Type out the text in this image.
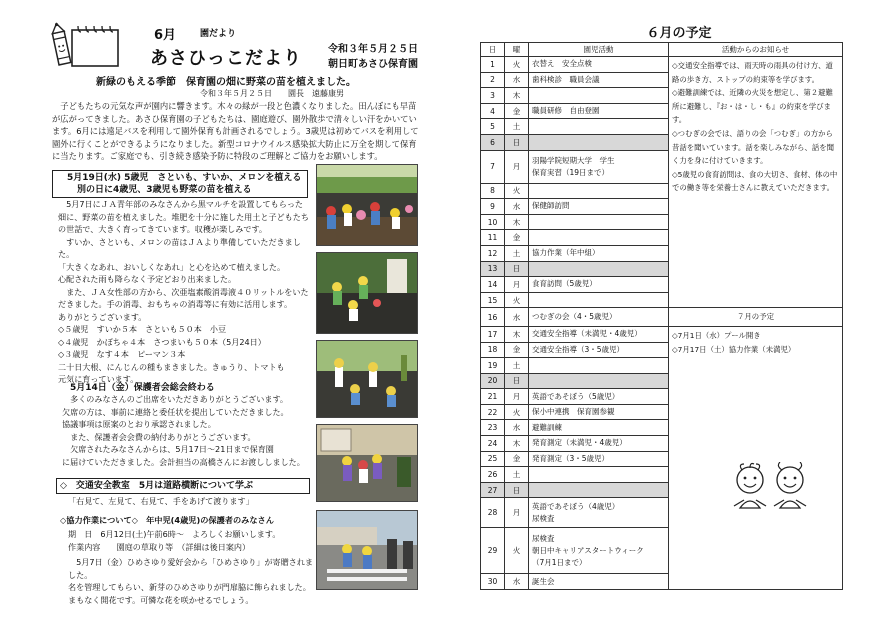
6月	園だより
あさひっこだより	令和３年５月２５日
朝日町あさひ保育園
新緑のもえる季節　保育園の畑に野菜の苗を植えました。
令和３年５月２５日　　園長　遠藤康男
　子どもたちの元気な声が園内に響きます。木々の緑が一段と色濃くなりました。田んぼにも早苗が広がってきました。あさひ保育園の子どもたちは、園庭遊び、園外散歩で清々しい汗をかいています。6月には遠足バスを利用して園外保育も計画されるでしょう。3歳児は初めてバスを利用して園外に行くことができるようになりました。新型コロナウイルス感染拡大防止に万全を期して保育に当たります。ご家庭でも、引き続き感染予防に特段のご理解とご協力をお願いします。
5月19日(水) 5歳児　さといも、すいか、メロンを植える
別の日に4歳児、3歳児も野菜の苗を植える
　5月7日にＪＡ青年部のみなさんから黒マルチを設置してもらった
畑に、野菜の苗を植えました。堆肥を十分に施した用土と子どもたち
の世話で、大きく育ってきています。収穫が楽しみです。
　すいか、さといも、メロンの苗はＪＡより準備していただきました。
「大きくなあれ、おいしくなあれ」と心を込めて植えました。
心配された雨も降らなく予定どおり出来ました。
　また、ＪＡ女性部の方から、次亜塩素酸消毒液４０リットルをいた
だきました。手の消毒、おもちゃの消毒等に有効に活用します。
ありがとうございます。
◇５歳児　すいか５本　さといも５０本　小豆
◇４歳児　かぼちゃ４本　さつまいも５０本（5月24日）
◇３歳児　なす４本　ピーマン３本
二十日大根、にんじんの種もまきました。きゅうり、トマトも
元気に育っています。
5月14日（金）保護者会総会終わる
　多くのみなさんのご出席をいただきありがとうございます。
欠席の方は、事前に連絡と委任状を提出していただきました。
協議事項は原案のとおり承認されました。
　また、保護者会会費の納付ありがとうございます。
　欠席されたみなさんからは、5月17日～21日まで保育園
に届けていただきました。会計担当の高橋さんにお渡ししました。
◇　交通安全教室　5月は道路横断について学ぶ
「右見て、左見て、右見て、手をあげて渡ります」
◇協力作業について◇　年中児(4歳児)の保護者のみなさん
期　日　6月12日(土)午前6時～　よろしくお願いします。
作業内容　　園庭の草取り等　（詳細は後日案内）
　5月7日（金）ひめさゆり愛好会から「ひめさゆり」が寄贈されました。
名を管理してもらい、新芽のひめさゆりが門扉脇に飾られました。
まもなく開花です。可憐な花を咲かせるでしょう。
６月の予定
日	曜	園児活動	活動からのお知らせ
1	火	衣替え　安全点検	◇交通安全指導では、雨天時の雨具の付け方、道路の歩き方、ストップの約束等を学びます。
◇避難訓練では、近隣の火災を想定し、第２避難所に避難し、『お・は・し・も』の約束を学びます。
◇つむぎの会では、語りの会「つむぎ」の方から昔話を聞いています。話を楽しみながら、話を聞く力を身に付けていきます。
◇5歳児の食育訪問は、食の大切さ、食材、体の中での働き等を栄養士さんに教えていただきます。

2	水	歯科検診　職員会議	

3	木		
4	金	職員研修　自由登園	

5	土		
6	日		
7	月	羽陽学院短期大学　学生
保育実習（19日まで）	

8	火		
9	水	保健師訪問	

10	木		
11	金		
12	土	協力作業（年中組）	

13	日		
14	月	食育訪問（5歳児）	

15	火		
16	水	つむぎの会（4・5歳児）	７月の予定
17	木	交通安全指導（未満児・4歳児）	◇7月1日（水）プール開き
◇7月17日（土）協力作業（未満児）

18	金	交通安全指導（3・5歳児）	

19	土		
20	日		
21	月	英語であそぼう（5歳児）	

22	火	保小中連携　保育園参観	

23	水	避難訓練	

24	木	発育測定（未満児・4歳児）	

25	金	発育測定（3・5歳児）	

26	土		
27	日		
28	月	英語であそぼう（4歳児）
尿検査	

29	火	尿検査
朝日中キャリアスタートウィーク
（7月1日まで）	

30	水	誕生会	
